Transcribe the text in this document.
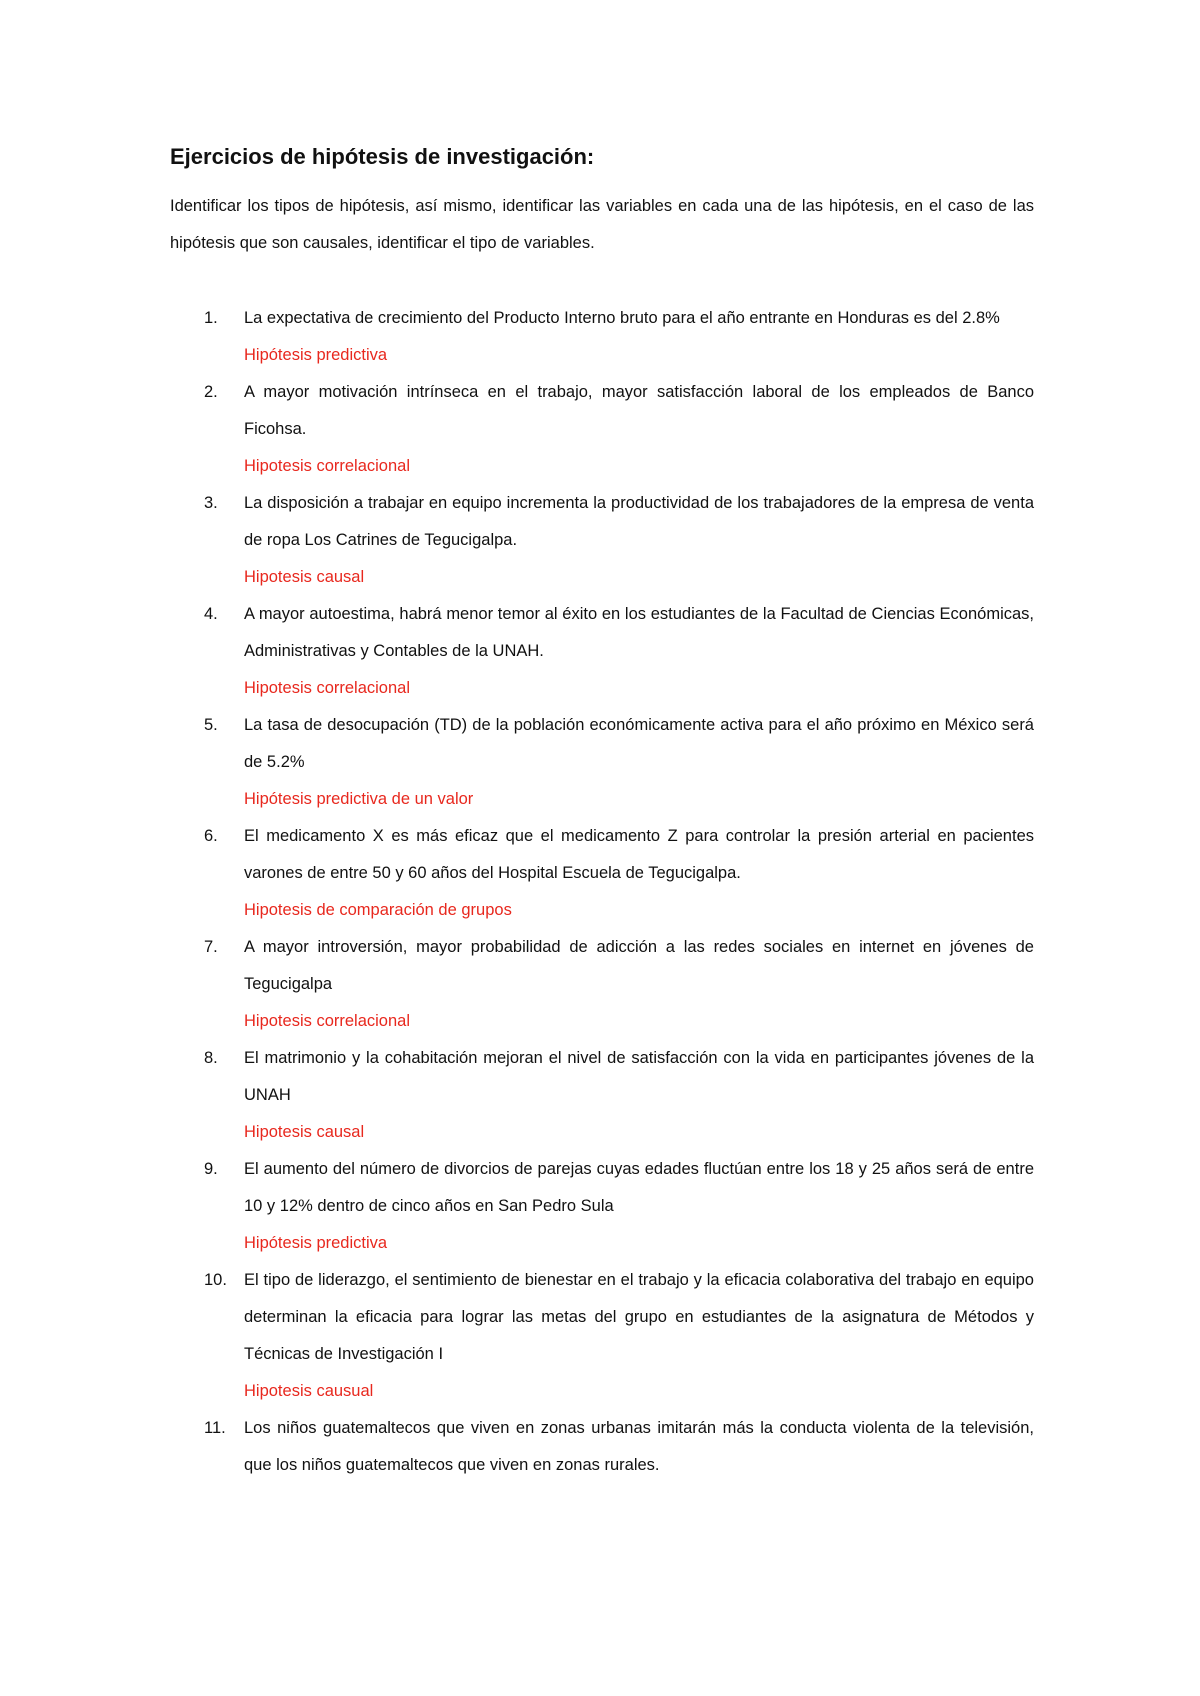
Ejercicios de hipótesis de investigación:

Identificar los tipos de hipótesis, así mismo, identificar las variables en cada una de las hipótesis, en el caso de las hipótesis que son causales, identificar el tipo de variables.

1. La expectativa de crecimiento del Producto Interno bruto para el año entrante en Honduras es del 2.8%
Hipótesis predictiva
2. A mayor motivación intrínseca en el trabajo, mayor satisfacción laboral de los empleados de Banco Ficohsa.
Hipotesis correlacional
3. La disposición a trabajar en equipo incrementa la productividad de los trabajadores de la empresa de venta de ropa Los Catrines de Tegucigalpa.
Hipotesis causal
4. A mayor autoestima, habrá menor temor al éxito en los estudiantes de la Facultad de Ciencias Económicas, Administrativas y Contables de la UNAH.
Hipotesis correlacional
5. La tasa de desocupación (TD) de la población económicamente activa para el año próximo en México será de 5.2%
Hipótesis predictiva de un valor
6. El medicamento X es más eficaz que el medicamento Z para controlar la presión arterial en pacientes varones de entre 50 y 60 años del Hospital Escuela de Tegucigalpa.
Hipotesis de comparación de grupos
7. A mayor introversión, mayor probabilidad de adicción a las redes sociales en internet en jóvenes de Tegucigalpa
Hipotesis correlacional
8. El matrimonio y la cohabitación mejoran el nivel de satisfacción con la vida en participantes jóvenes de la UNAH
Hipotesis causal
9. El aumento del número de divorcios de parejas cuyas edades fluctúan entre los 18 y 25 años será de entre 10 y 12% dentro de cinco años en San Pedro Sula
Hipótesis predictiva
10. El tipo de liderazgo, el sentimiento de bienestar en el trabajo y la eficacia colaborativa del trabajo en equipo determinan la eficacia para lograr las metas del grupo en estudiantes de la asignatura de Métodos y Técnicas de Investigación I
Hipotesis causual
11. Los niños guatemaltecos que viven en zonas urbanas imitarán más la conducta violenta de la televisión, que los niños guatemaltecos que viven en zonas rurales.
